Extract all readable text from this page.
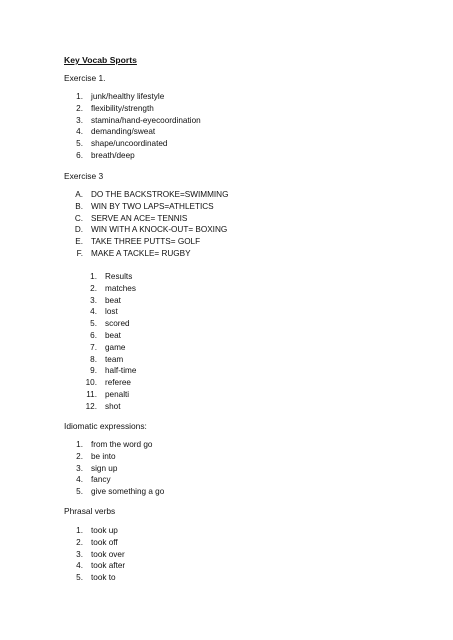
Key Vocab Sports
Exercise 1.
1. junk/healthy lifestyle
2. flexibility/strength
3. stamina/hand-eyecoordination
4. demanding/sweat
5. shape/uncoordinated
6. breath/deep
Exercise 3
A. DO THE BACKSTROKE=SWIMMING
B. WIN BY TWO LAPS=ATHLETICS
C. SERVE AN ACE= TENNIS
D. WIN WITH A KNOCK-OUT= BOXING
E. TAKE THREE PUTTS= GOLF
F. MAKE A TACKLE= RUGBY
1. Results
2. matches
3. beat
4. lost
5. scored
6. beat
7. game
8. team
9. half-time
10. referee
11. penalti
12. shot
Idiomatic expressions:
1. from the word go
2. be into
3. sign up
4. fancy
5. give something a go
Phrasal verbs
1. took up
2. took off
3. took over
4. took after
5. took to
